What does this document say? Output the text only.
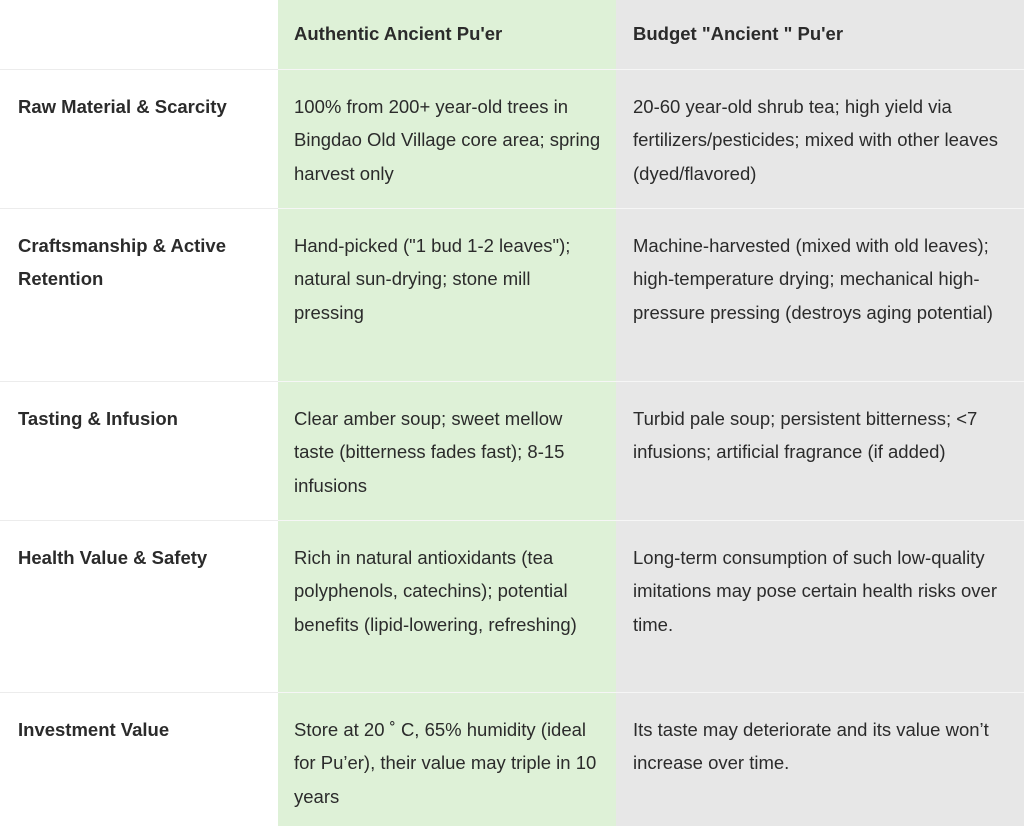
	Authentic Ancient Pu'er	Budget "Ancient " Pu'er
Raw Material & Scarcity	100% from 200+ year-old trees in Bingdao Old Village core area; spring harvest only	20-60 year-old shrub tea; high yield via fertilizers/pesticides; mixed with other leaves (dyed/flavored)
Craftsmanship & Active Retention	Hand-picked ("1 bud 1-2 leaves"); natural sun-drying; stone mill pressing	Machine-harvested (mixed with old leaves); high-temperature drying; mechanical high-pressure pressing (destroys aging potential)
Tasting & Infusion	Clear amber soup; sweet mellow taste (bitterness fades fast); 8-15 infusions	Turbid pale soup; persistent bitterness; <7 infusions; artificial fragrance (if added)
Health Value & Safety	Rich in natural antioxidants (tea polyphenols, catechins); potential benefits (lipid-lowering, refreshing)	Long-term consumption of such low-quality imitations may pose certain health risks over time.
Investment Value	Store at 20 ˚ C, 65% humidity (ideal for Pu’er), their value may triple in 10 years	Its taste may deteriorate and its value won’t increase over time.
